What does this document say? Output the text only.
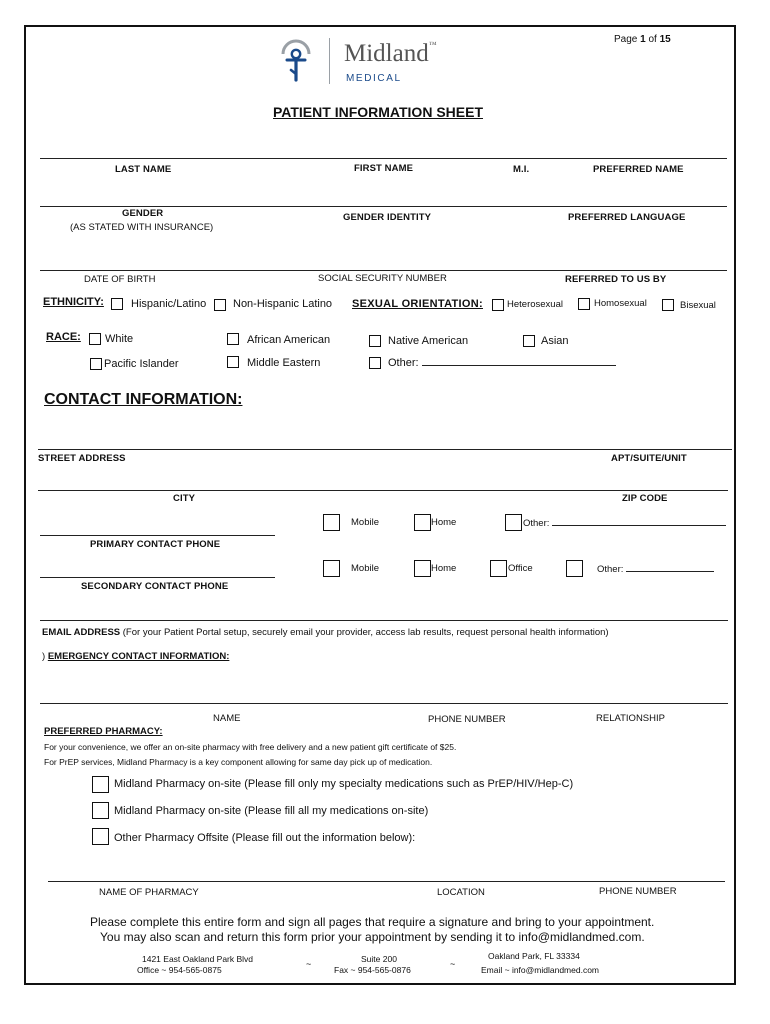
Page 1 of 15
Midland™
MEDICAL
PATIENT INFORMATION SHEET
LAST NAME	FIRST NAME	M.I.	PREFERRED NAME
GENDER
(AS STATED WITH INSURANCE)
GENDER IDENTITY	PREFERRED LANGUAGE
DATE OF BIRTH	SOCIAL SECURITY NUMBER	REFERRED TO US BY
ETHNICITY: Hispanic/Latino Non-Hispanic Latino SEXUAL ORIENTATION:	Heterosexual	Homosexual	Bisexual
RACE: White	African American	Native American	Asian
Pacific Islander	Middle Eastern	Other:
CONTACT INFORMATION:
STREET ADDRESS	APT/SUITE/UNIT
CITY	ZIP CODE
Mobile	Home	Other:
PRIMARY CONTACT PHONE
Mobile	Home	Office	Other:
SECONDARY CONTACT PHONE
EMAIL ADDRESS (For your Patient Portal setup, securely email your provider, access lab results, request personal health information)
) EMERGENCY CONTACT INFORMATION:
NAME	PHONE NUMBER	RELATIONSHIP
PREFERRED PHARMACY:
For your convenience, we offer an on-site pharmacy with free delivery and a new patient gift certificate of $25.
For PrEP services, Midland Pharmacy is a key component allowing for same day pick up of medication.
Midland Pharmacy on-site (Please fill only my specialty medications such as PrEP/HIV/Hep-C)
Midland Pharmacy on-site (Please fill all my medications on-site)
Other Pharmacy Offsite (Please fill out the information below):
NAME OF PHARMACY	LOCATION	PHONE NUMBER
Please complete this entire form and sign all pages that require a signature and bring to your appointment.
You may also scan and return this form prior your appointment by sending it to info@midlandmed.com.
1421 East Oakland Park Blvd
Office ~ 954-565-0875
~	Suite 200
Fax ~ 954-565-0876
~
Oakland Park, FL 33334
Email ~ info@midlandmed.com
